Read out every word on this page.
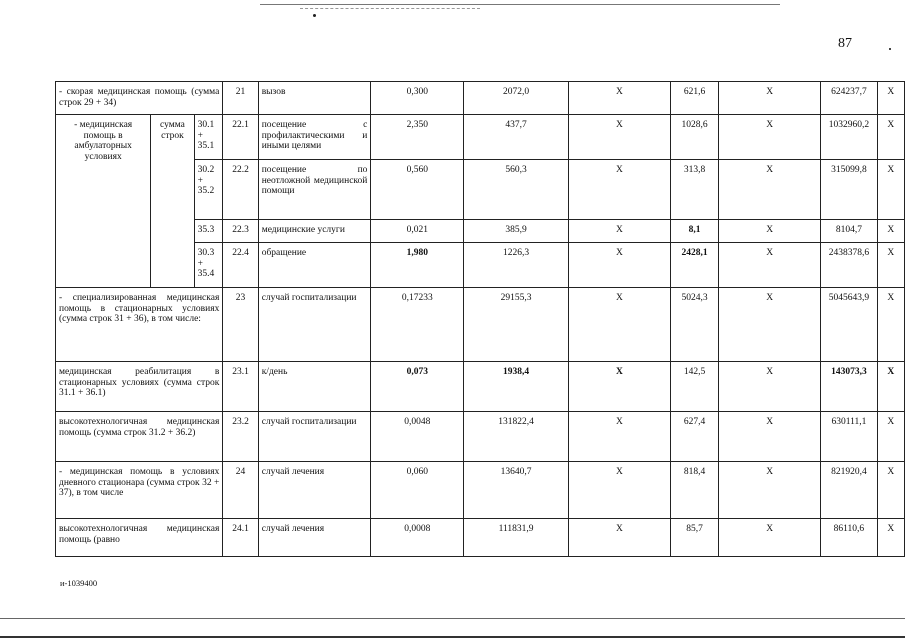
87
- скорая медицинская помощь (сумма строк 29 + 34)			21	вызов	0,300	2072,0	Х	621,6	Х	624237,7	Х
- медицинская помощь в амбулаторных условиях	сумма строк	30.1 + 35.1	22.1	посещение с профилактическими и иными целями	2,350	437,7	Х	1028,6	Х	1032960,2	Х
		30.2 + 35.2	22.2	посещение по неотложной медицинской помощи	0,560	560,3	Х	313,8	Х	315099,8	Х
		35.3	22.3	медицинские услуги	0,021	385,9	Х	8,1	Х	8104,7	Х
		30.3 + 35.4	22.4	обращение	1,980	1226,3	Х	2428,1	Х	2438378,6	Х
- специализированная медицинская помощь в стационарных условиях (сумма строк 31 + 36), в том числе:			23	случай госпитализации	0,17233	29155,3	Х	5024,3	Х	5045643,9	Х
медицинская реабилитация в стационарных условиях (сумма строк 31.1 + 36.1)			23.1	к/день	0,073	1938,4	Х	142,5	Х	143073,3	Х
высокотехнологичная медицинская помощь (сумма строк 31.2 + 36.2)			23.2	случай госпитализации	0,0048	131822,4	Х	627,4	Х	630111,1	Х
- медицинская помощь в условиях дневного стационара (сумма строк 32 + 37), в том числе			24	случай лечения	0,060	13640,7	Х	818,4	Х	821920,4	Х
высокотехнологичная медицинская помощь (равно			24.1	случай лечения	0,0008	111831,9	Х	85,7	Х	86110,6	Х
и-1039400
